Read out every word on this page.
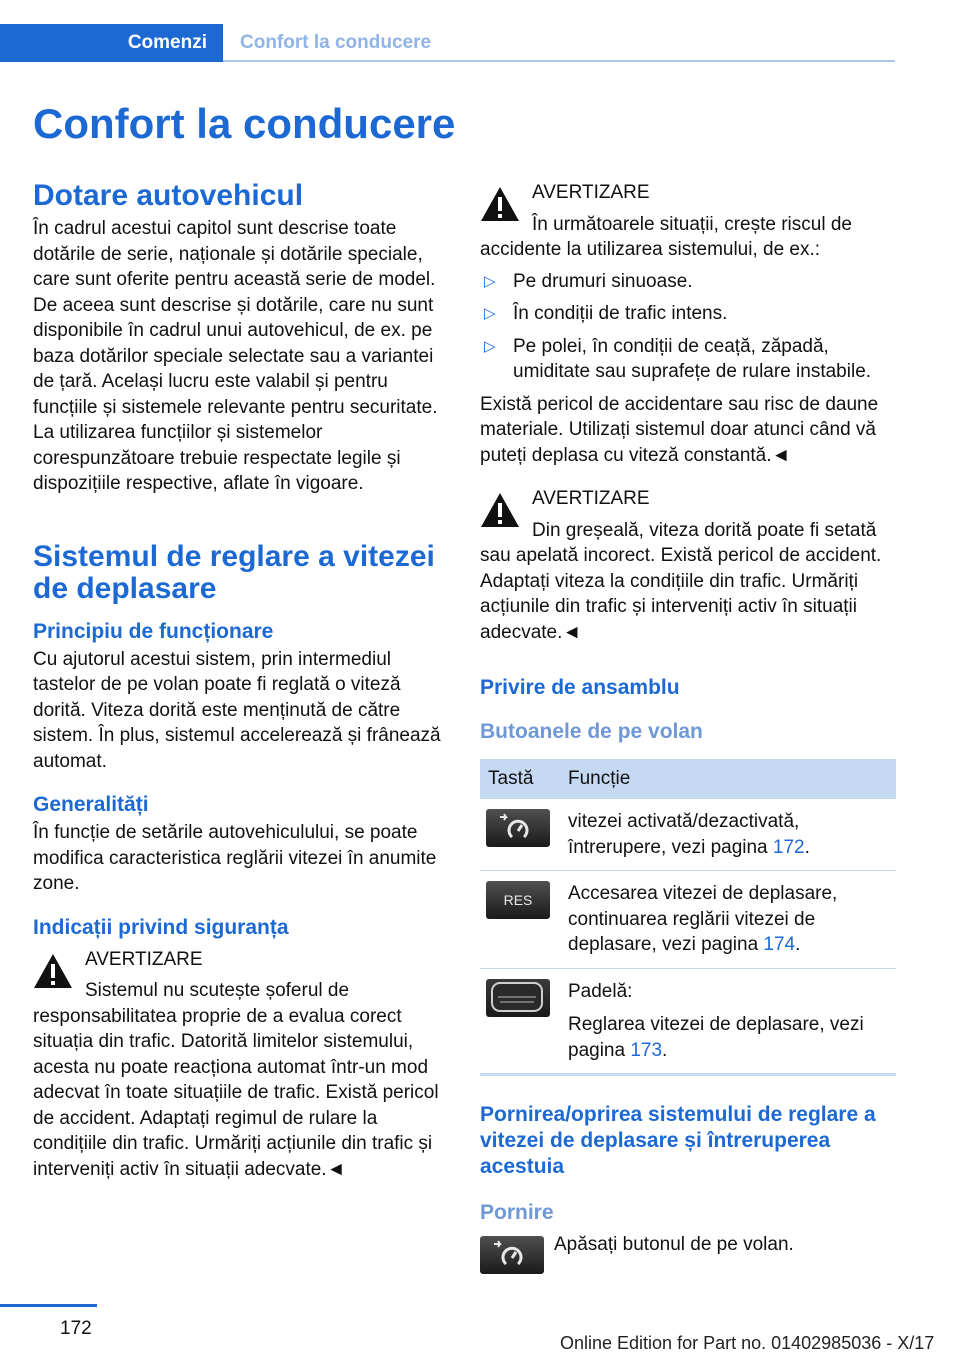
Comenzi	Confort la conducere
Confort la conducere
Dotare autovehicul

În cadrul acestui capitol sunt descrise toate dotările de serie, naționale și dotările speciale, care sunt oferite pentru această serie de model. De aceea sunt descrise și dotările, care nu sunt disponibile în cadrul unui autovehicul, de ex. pe baza dotărilor speciale selectate sau a variantei de țară. Același lucru este valabil și pentru funcțiile și sistemele relevante pentru securitate. La utilizarea funcțiilor și sistemelor corespunzătoare trebuie respectate legile și dispozițiile respective, aflate în vigoare.

Sistemul de reglare a vitezei de deplasare
Principiu de funcționare

Cu ajutorul acestui sistem, prin intermediul tastelor de pe volan poate fi reglată o viteză dorită. Viteza dorită este menținută de către sistem. În plus, sistemul accelerează și frânează automat.

Generalități

În funcție de setările autovehiculului, se poate modifica caracteristica reglării vitezei în anumite zone.

Indicații privind siguranța
AVERTIZARE
Sistemul nu scutește șoferul de responsabilitatea proprie de a evalua corect situația din trafic. Datorită limitelor sistemului, acesta nu poate reacționa automat într-un mod adecvat în toate situațiile de trafic. Există pericol de accident. Adaptați regimul de rulare la condițiile din trafic. Urmăriți acțiunile din trafic și interveniți activ în situații adecvate.◄
AVERTIZARE
În următoarele situații, crește riscul de accidente la utilizarea sistemului, de ex.:
▷ Pe drumuri sinuoase.
▷ În condiții de trafic intens.
▷ Pe polei, în condiții de ceață, zăpadă, umiditate sau suprafețe de rulare instabile.

Există pericol de accidentare sau risc de daune materiale. Utilizați sistemul doar atunci când vă puteți deplasa cu viteză constantă.◄

AVERTIZARE
Din greșeală, viteza dorită poate fi setată sau apelată incorect. Există pericol de accident. Adaptați viteza la condițiile din trafic. Urmăriți acțiunile din trafic și interveniți activ în situații adecvate.◄
Privire de ansamblu
Butoanele de pe volan
Tastă	Funcție

	vitezei activată/dezactivată, întrerupere, vezi pagina 172.

RES	Accesarea vitezei de deplasare, continuarea reglării vitezei de deplasare, vezi pagina 174.

Padelă:
Reglarea vitezei de deplasare, vezi pagina 173.
Pornirea/oprirea sistemului de reglare a vitezei de deplasare și întreruperea acestuia
Pornire
Apăsați butonul de pe volan.
172
Online Edition for Part no. 01402985036 - X/17
